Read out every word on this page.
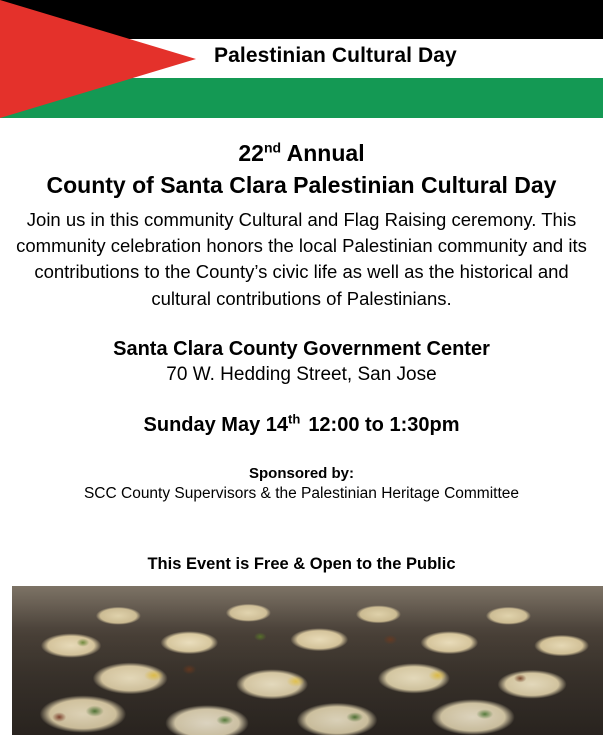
Palestinian Cultural Day
22nd Annual
County of Santa Clara Palestinian Cultural Day
Join us in this community Cultural and Flag Raising ceremony. This community celebration honors the local Palestinian community and its contributions to the County’s civic life as well as the historical and cultural contributions of Palestinians.
Santa Clara County Government Center
70 W. Hedding Street, San Jose
Sunday May 14th 12:00 to 1:30pm
Sponsored by:
SCC County Supervisors & the Palestinian Heritage Committee
This Event is Free & Open to the Public
